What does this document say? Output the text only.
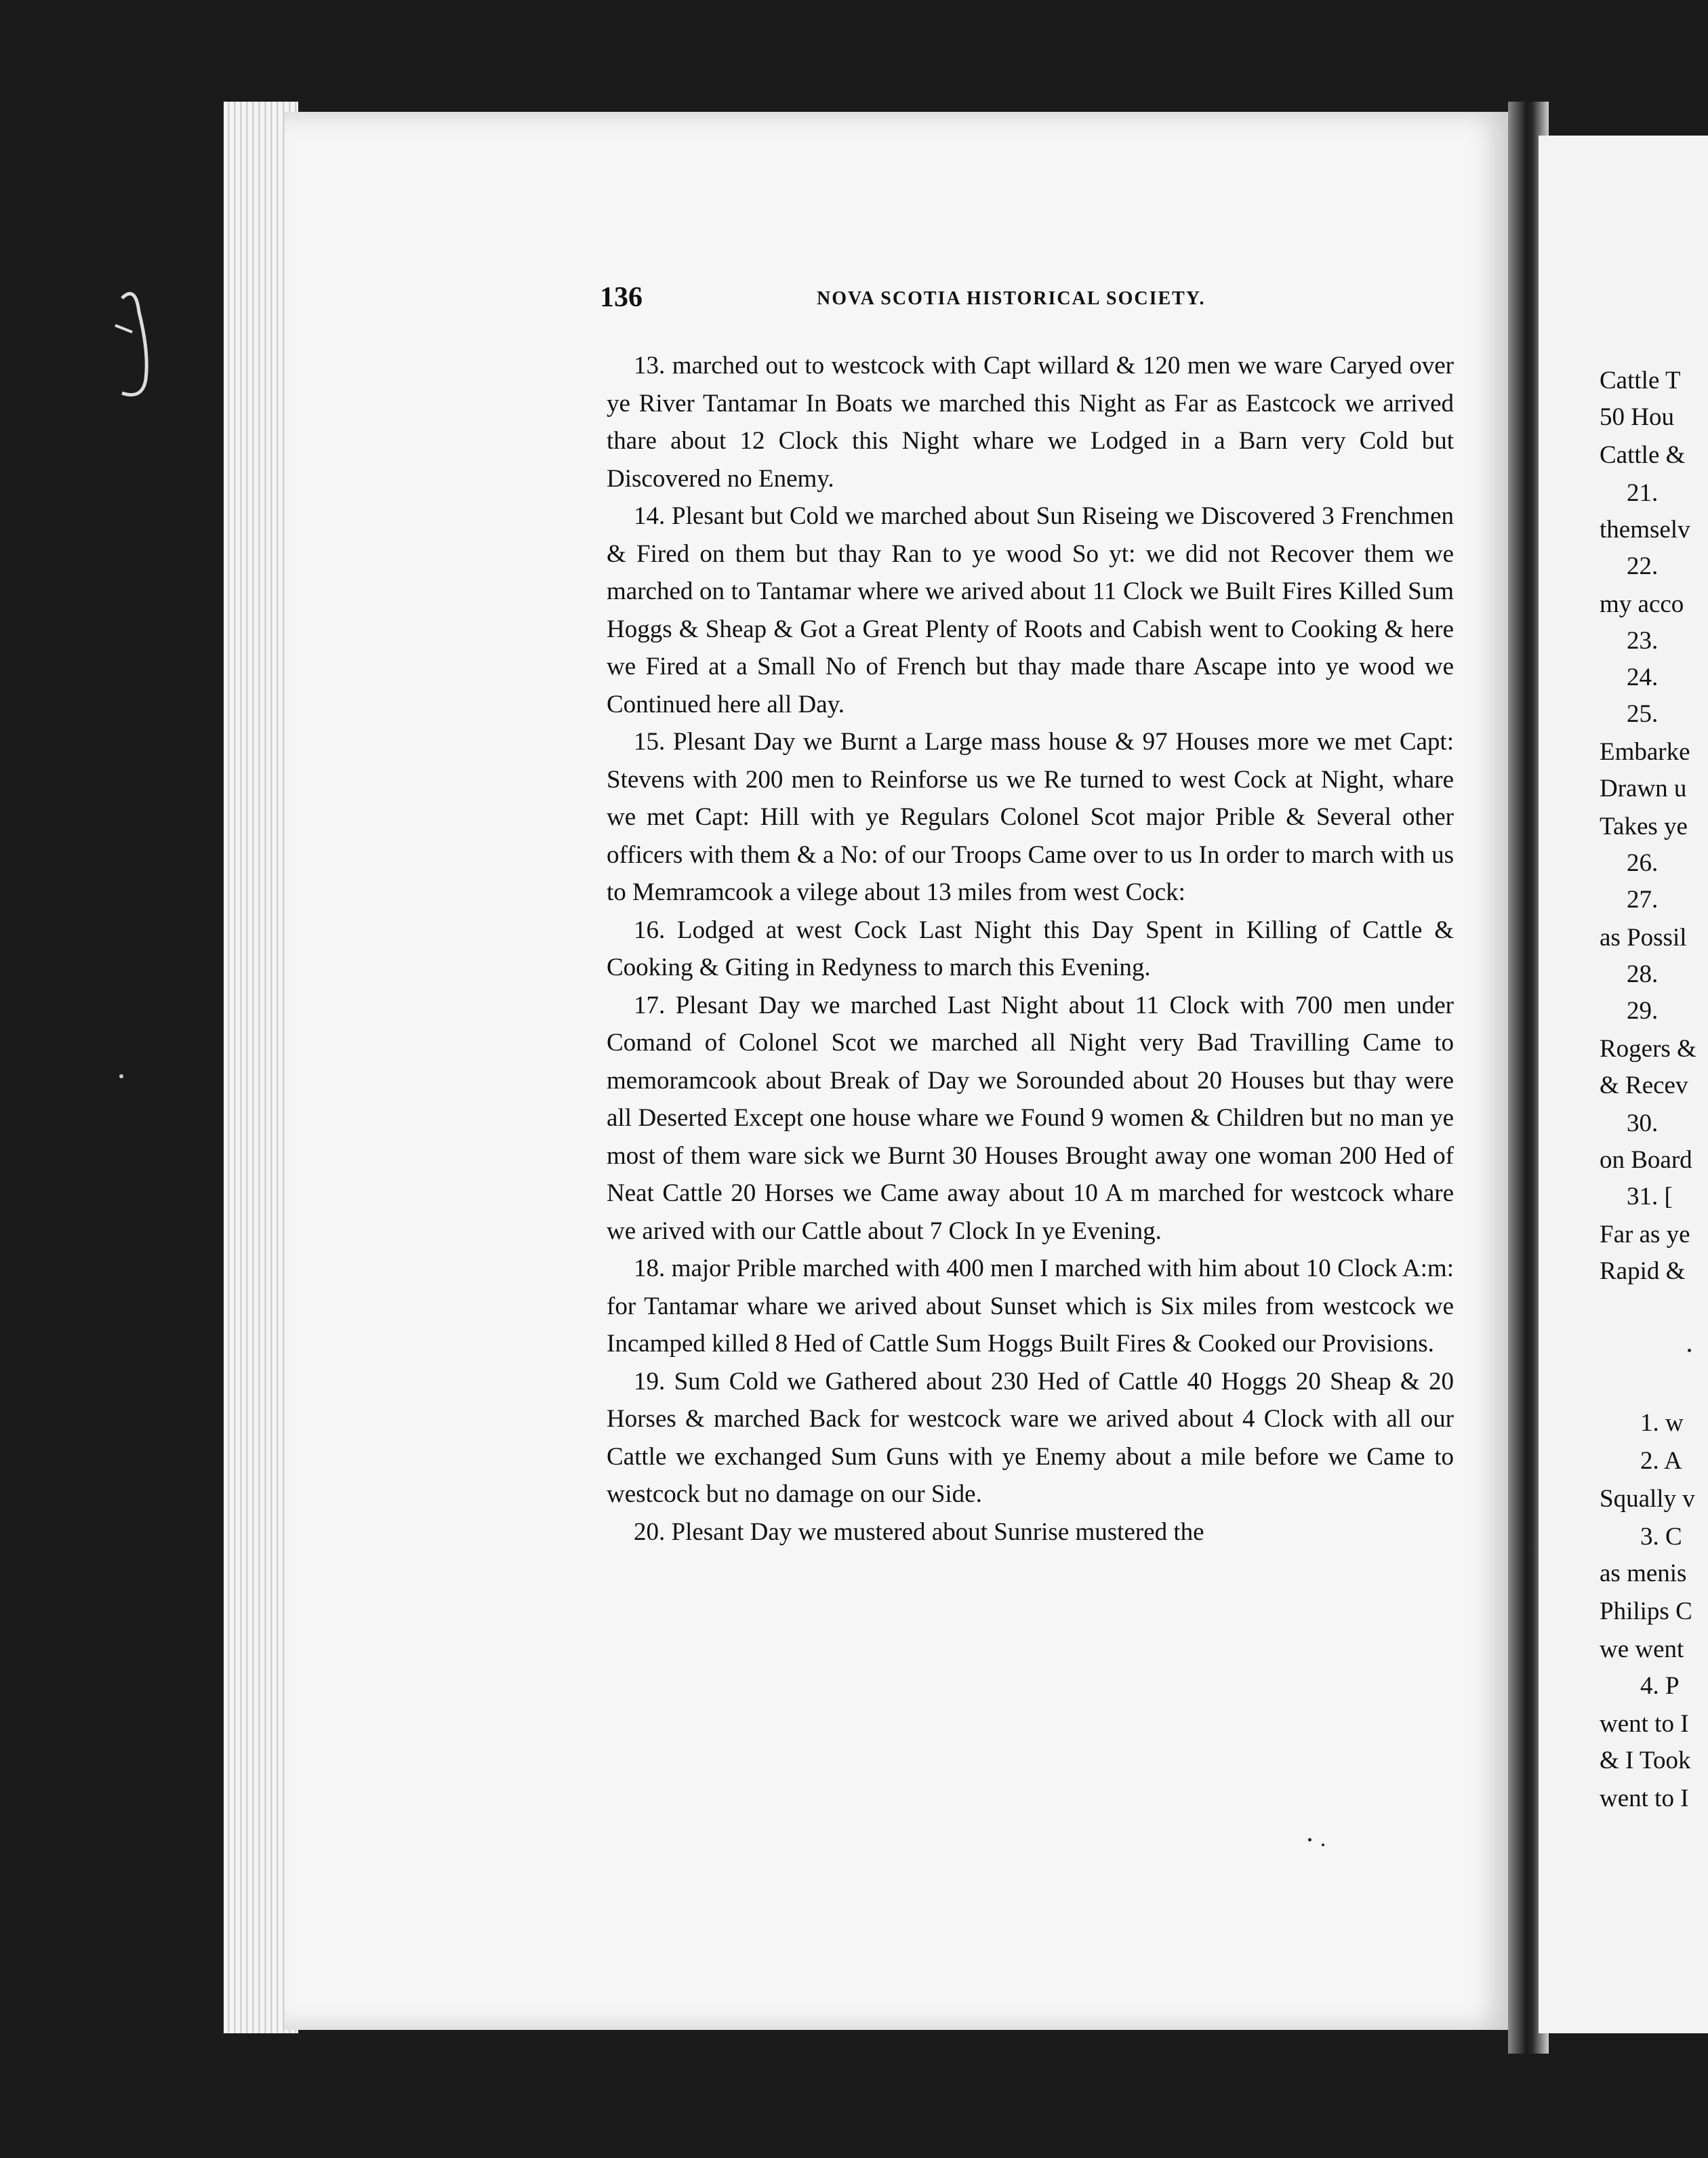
136	NOVA SCOTIA HISTORICAL SOCIETY.

13. marched out to westcock with Capt willard & 120 men we ware Caryed over ye River Tantamar In Boats we marched this Night as Far as Eastcock we arrived thare about 12 Clock this Night whare we Lodged in a Barn very Cold but Discovered no Enemy.

14. Plesant but Cold we marched about Sun Riseing we Discovered 3 Frenchmen & Fired on them but thay Ran to ye wood So yt: we did not Recover them we marched on to Tantamar where we arived about 11 Clock we Built Fires Killed Sum Hoggs & Sheap & Got a Great Plenty of Roots and Cabish went to Cooking & here we Fired at a Small No of French but thay made thare Ascape into ye wood we Continued here all Day.

15. Plesant Day we Burnt a Large mass house & 97 Houses more we met Capt: Stevens with 200 men to Reinforse us we Re turned to west Cock at Night, whare we met Capt: Hill with ye Regulars Colonel Scot major Prible & Several other officers with them & a No: of our Troops Came over to us In order to march with us to Memramcook a vilege about 13 miles from west Cock:

16. Lodged at west Cock Last Night this Day Spent in Killing of Cattle & Cooking & Giting in Redyness to march this Evening.

17. Plesant Day we marched Last Night about 11 Clock with 700 men under Comand of Colonel Scot we marched all Night very Bad Travilling Came to memoramcook about Break of Day we Sorounded about 20 Houses but thay were all Deserted Except one house whare we Found 9 women & Children but no man ye most of them ware sick we Burnt 30 Houses Brought away one woman 200 Hed of Neat Cattle 20 Horses we Came away about 10 A m marched for westcock whare we arived with our Cattle about 7 Clock In ye Evening.

18. major Prible marched with 400 men I marched with him about 10 Clock A:m: for Tantamar whare we arived about Sunset which is Six miles from westcock we Incamped killed 8 Hed of Cattle Sum Hoggs Built Fires & Cooked our Provisions.

19. Sum Cold we Gathered about 230 Hed of Cattle 40 Hoggs 20 Sheap & 20 Horses & marched Back for westcock ware we arived about 4 Clock with all our Cattle we exchanged Sum Guns with ye Enemy about a mile before we Came to westcock but no damage on our Side.

20. Plesant Day we mustered about Sunrise mustered the

Cattle T
50 Hou
Cattle &
21.
themselv
22.
my acco
23.
24.
25.
Embarke
Drawn u
Takes ye
26.
27.
as Possil
28.
29.
Rogers &
& Recev
30.
on Board
31. [
Far as ye
Rapid &
1. w
2. A
Squally v
3. C
as menis
Philips C
we went
4. P
went to I
& I Took
went to I
